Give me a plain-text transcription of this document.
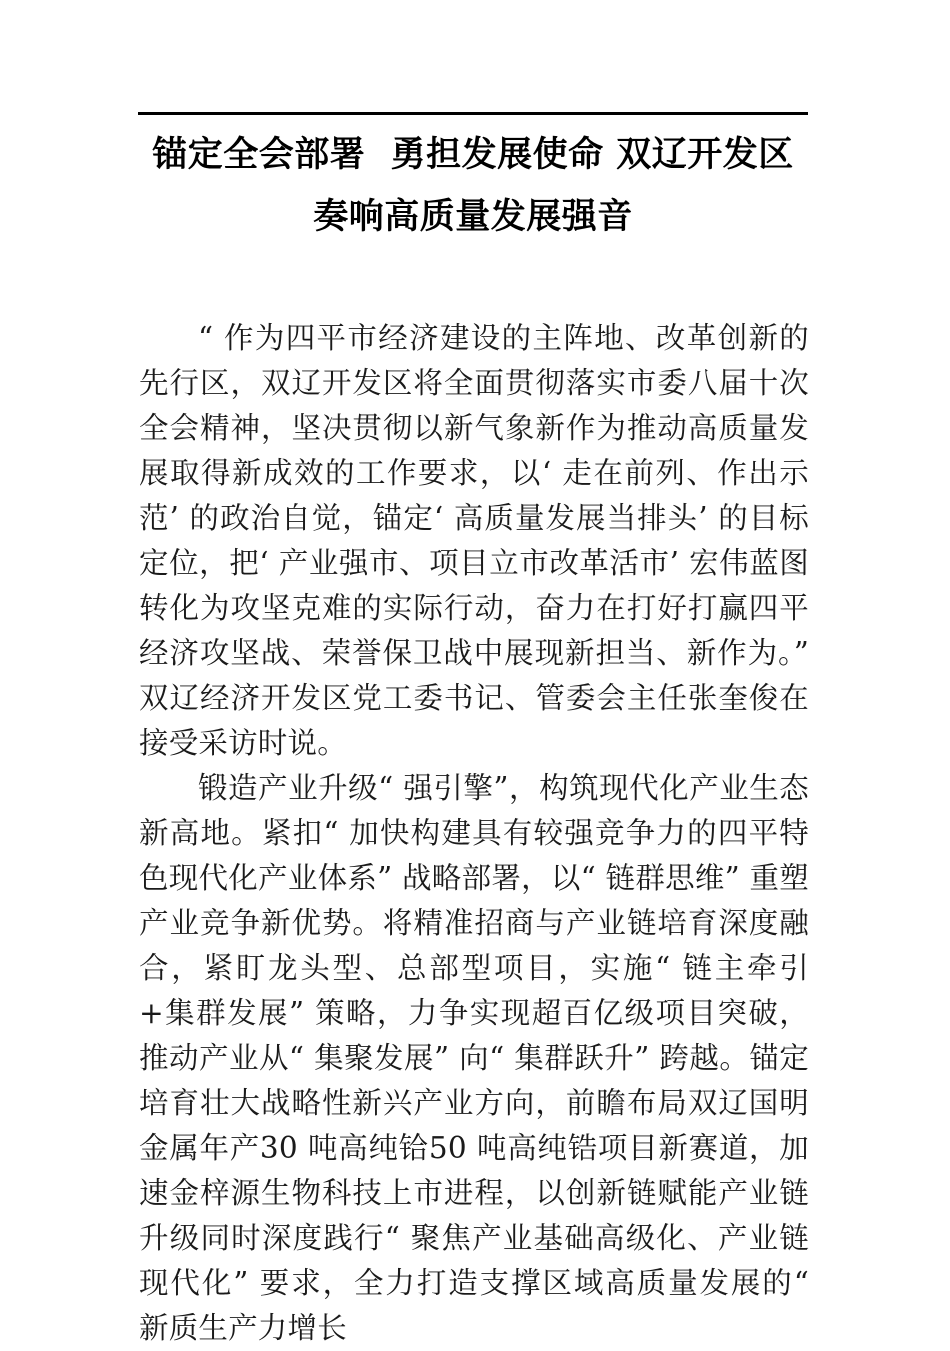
锚定全会部署  勇担发展使命 双辽开发区
奏响高质量发展强音

“ 作为四平市经济建设的主阵地、改革创新的先行区，双辽开发区将全面贯彻落实市委八届十次全会精神，坚决贯彻以新气象新作为推动高质量发展取得新成效的工作要求，以‘ 走在前列、作出示范’ 的政治自觉，锚定‘ 高质量发展当排头’ 的目标定位，把‘ 产业强市、项目立市改革活市’ 宏伟蓝图转化为攻坚克难的实际行动，奋力在打好打赢四平经济攻坚战、荣誉保卫战中展现新担当、新作为。” 双辽经济开发区党工委书记、管委会主任张奎俊在接受采访时说。

锻造产业升级“ 强引擎”，构筑现代化产业生态新高地。紧扣“ 加快构建具有较强竞争力的四平特色现代化产业体系” 战略部署，以“ 链群思维” 重塑产业竞争新优势。将精准招商与产业链培育深度融合，紧盯龙头型、总部型项目，实施“ 链主牵引+集群发展” 策略，力争实现超百亿级项目突破，推动产业从“ 集聚发展” 向“ 集群跃升” 跨越。锚定培育壮大战略性新兴产业方向，前瞻布局双辽国明金属年产30 吨高纯铪50 吨高纯锆项目新赛道，加速金梓源生物科技上市进程，以创新链赋能产业链升级同时深度践行“ 聚焦产业基础高级化、产业链现代化” 要求，全力打造支撑区域高质量发展的“ 新质生产力增长
